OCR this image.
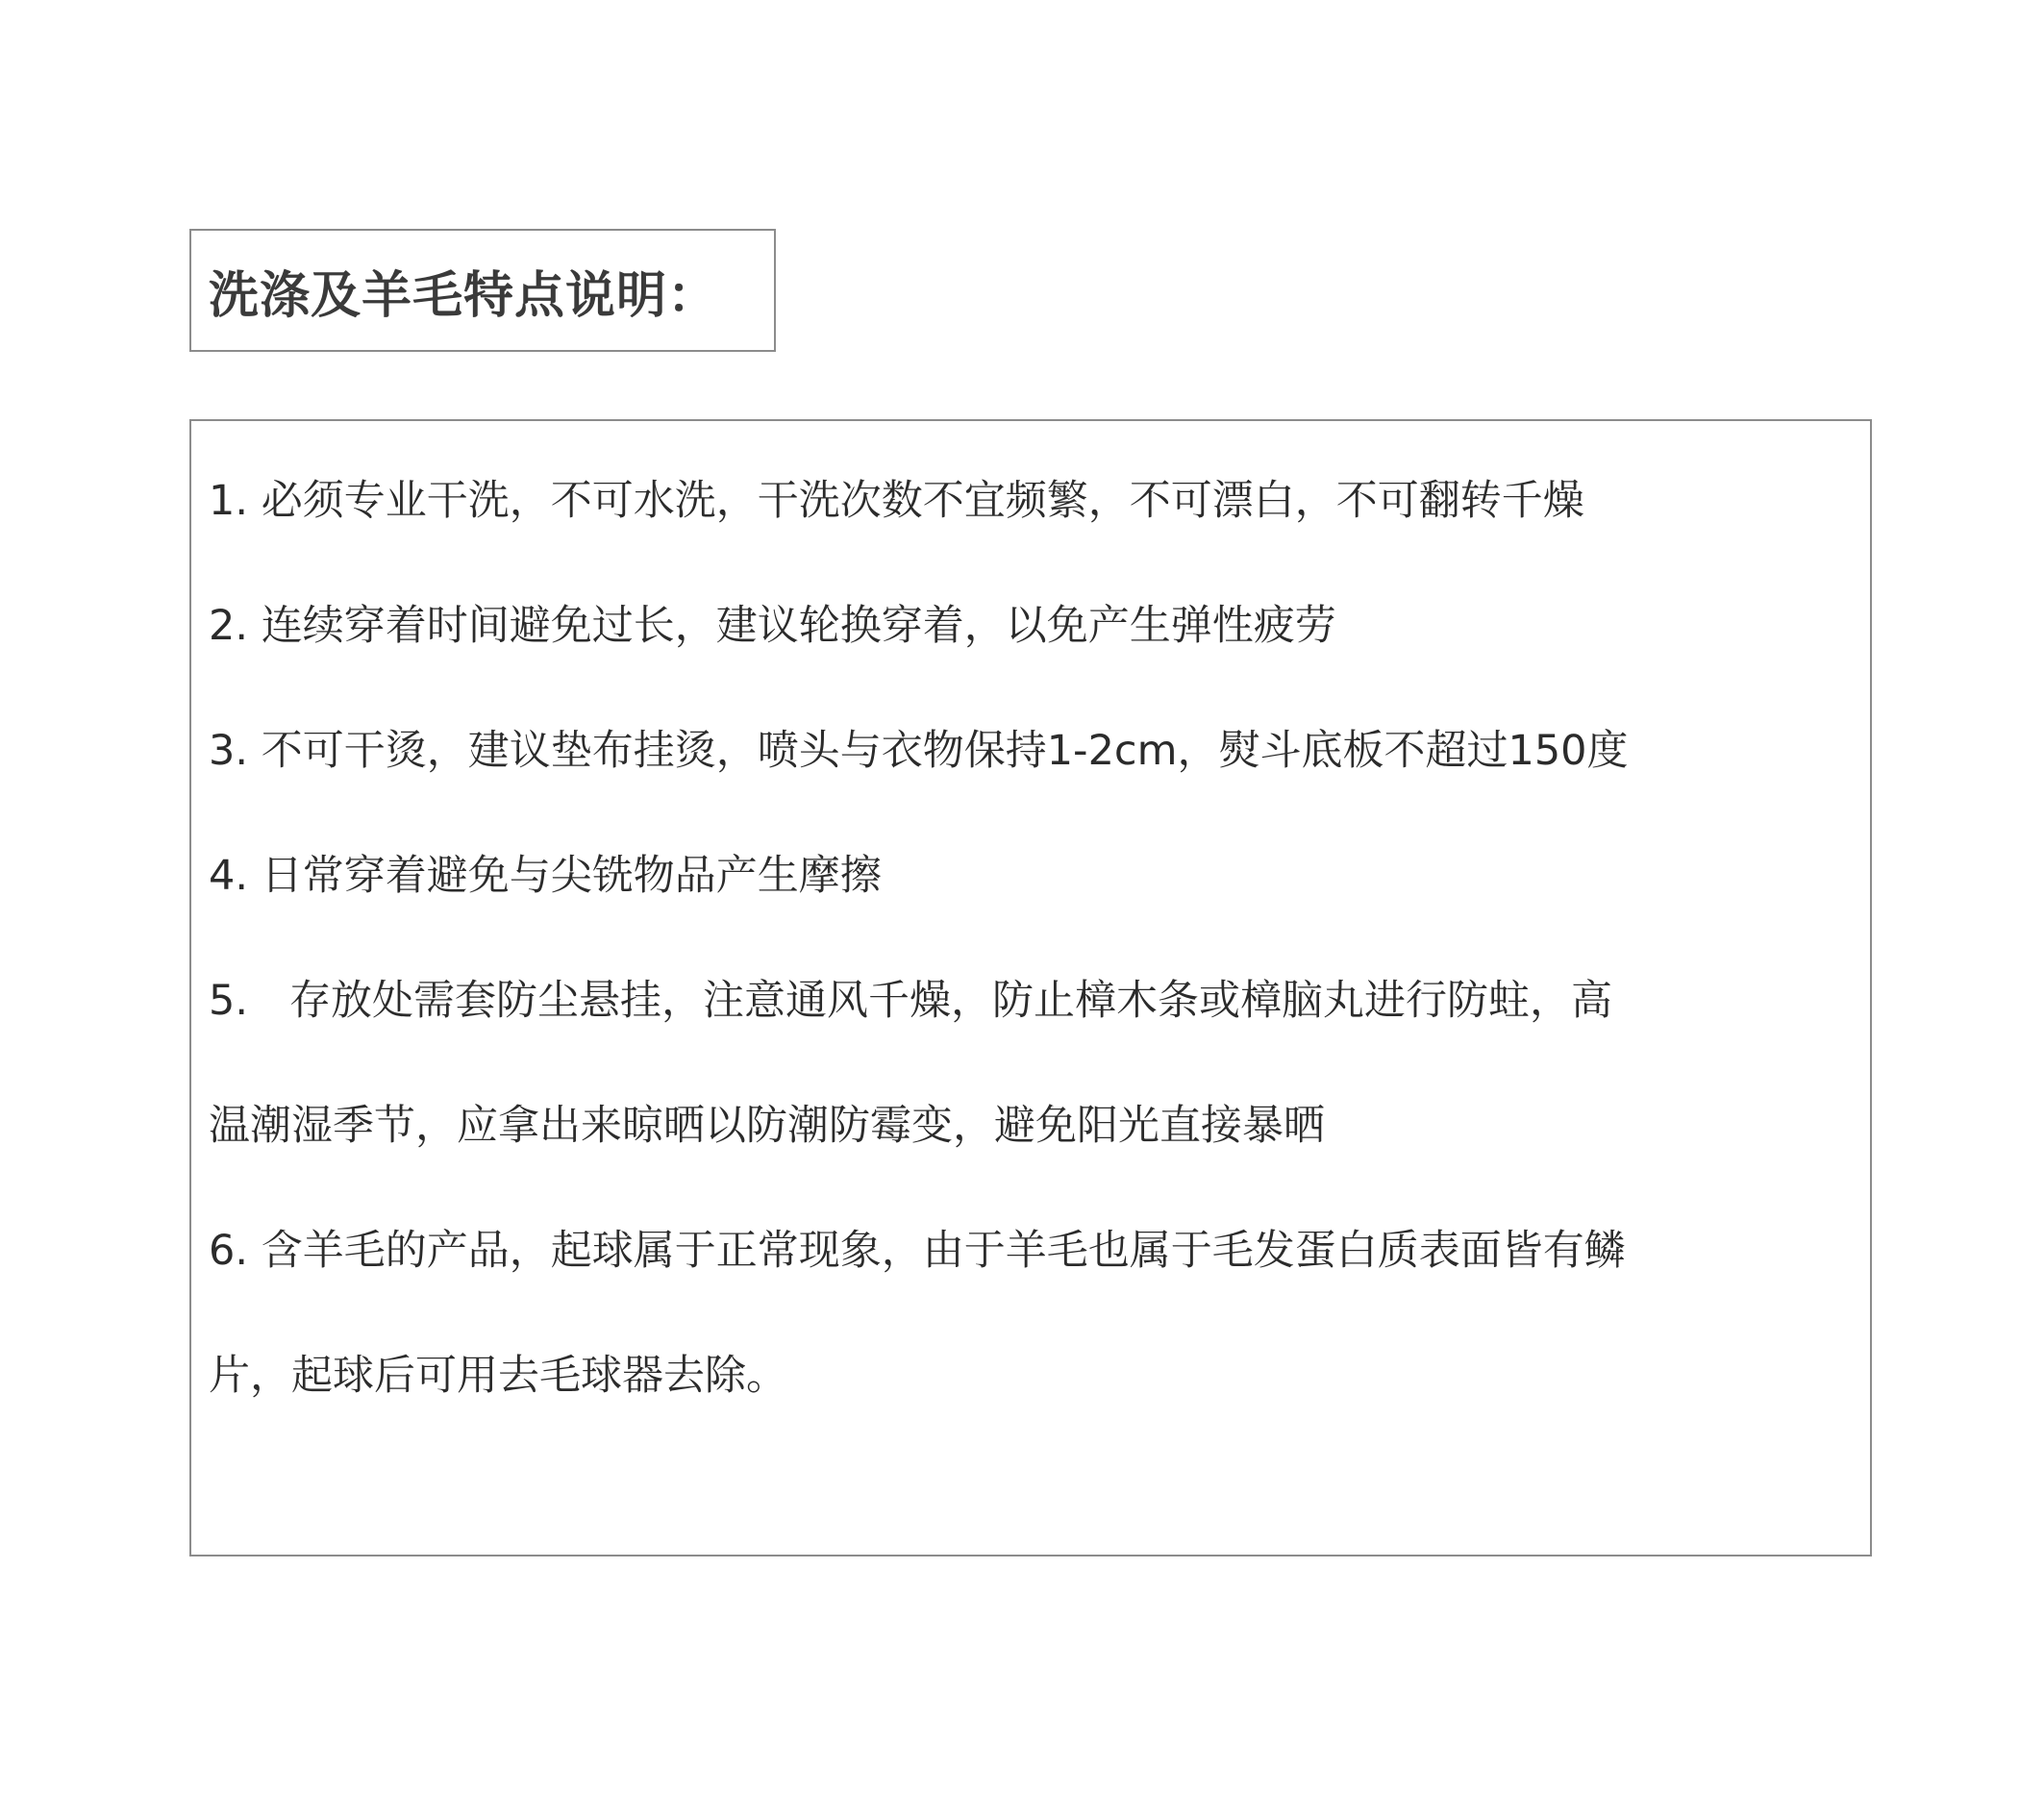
洗涤及羊毛特点说明：
1. 必须专业干洗，不可水洗，干洗次数不宜频繁，不可漂白，不可翻转千燥
2. 连续穿着时间避免过长，建议轮换穿着，以免产生弹性疲劳
3. 不可干烫，建议垫布挂烫，喷头与衣物保持1-2cm，熨斗底板不超过150度
4. 日常穿着避免与尖铣物品产生摩擦
5.　存放处需套防尘悬挂，注意通风千燥，防止樟木条或樟脑丸进行防蛀，高
温潮湿季节，应拿出来晾晒以防潮防霉变，避免阳光直接暴晒
6. 含羊毛的产品，起球属于正常现象，由于羊毛也属于毛发蛋白质表面皆有鳞
片，起球后可用去毛球器去除。
